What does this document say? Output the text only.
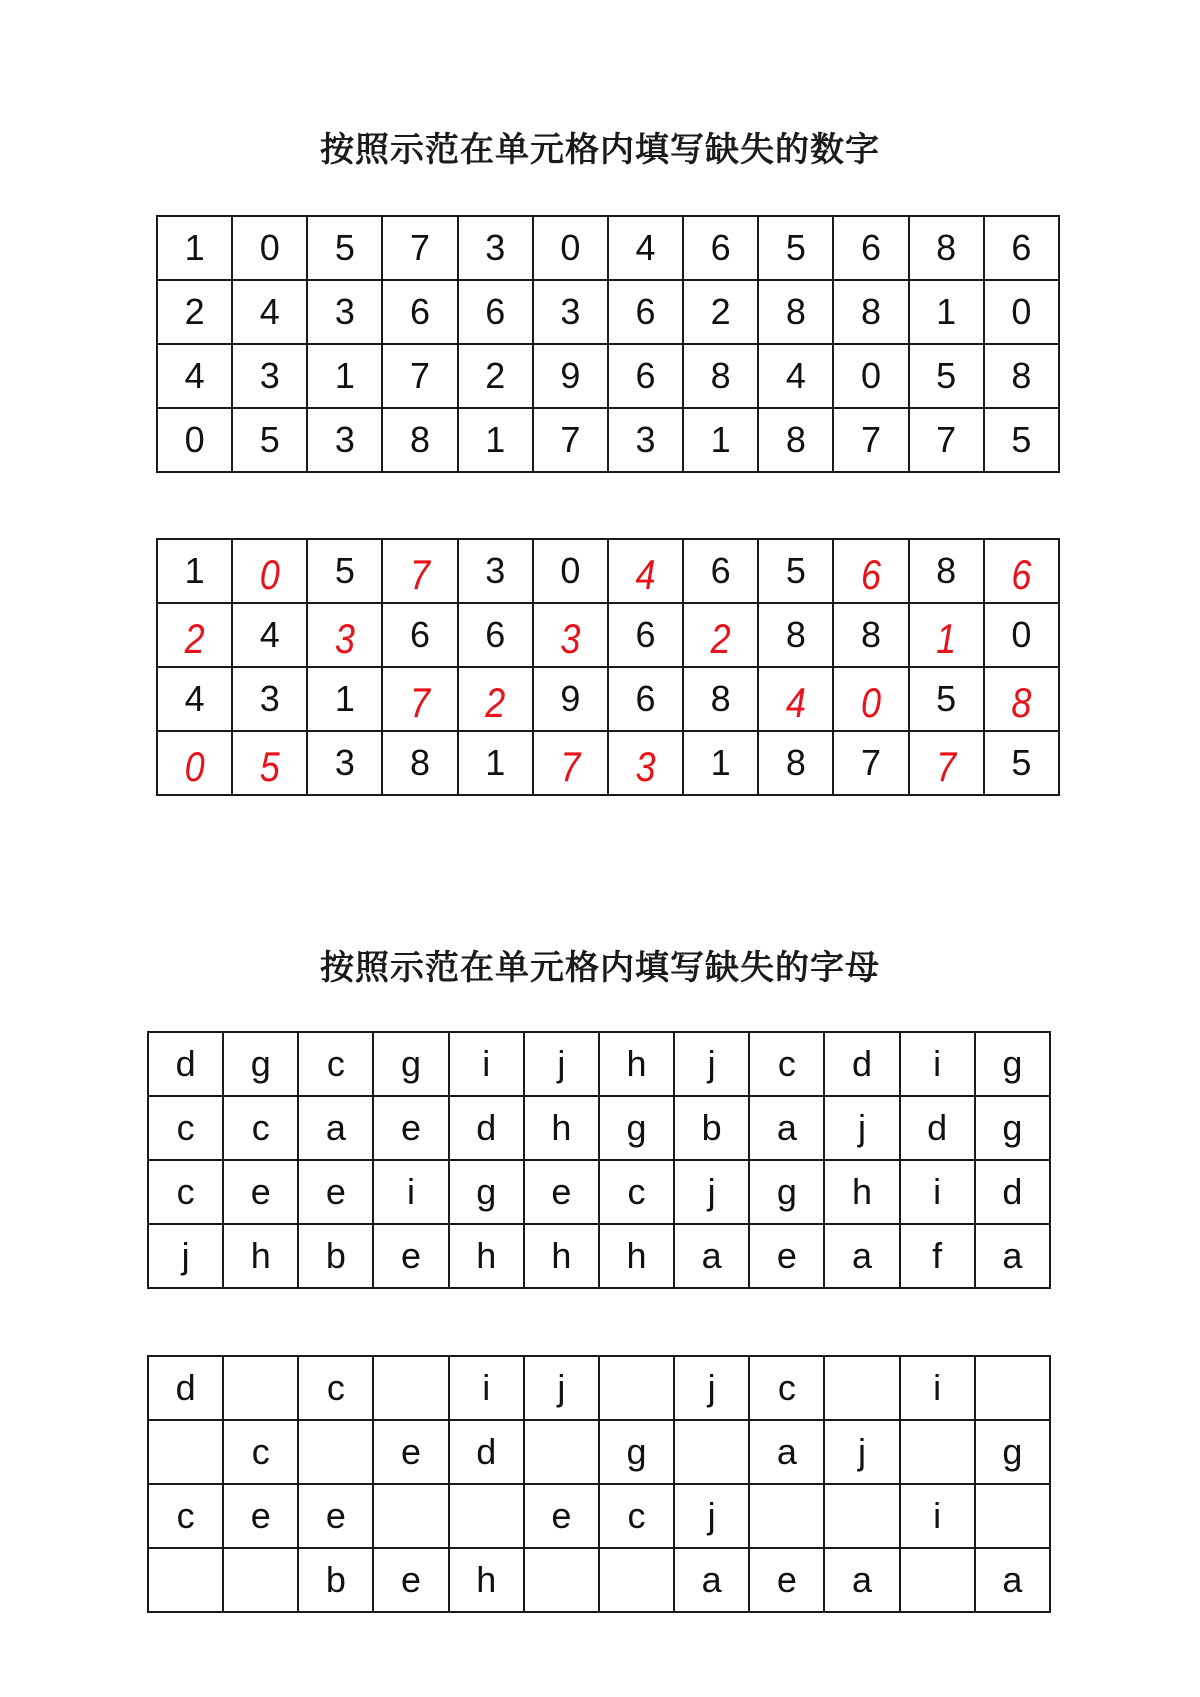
按照示范在单元格内填写缺失的数字
1	0	5	7	3	0	4	6	5	6	8	6
2	4	3	6	6	3	6	2	8	8	1	0
4	3	1	7	2	9	6	8	4	0	5	8
0	5	3	8	1	7	3	1	8	7	7	5
1	0	5	7	3	0	4	6	5	6	8	6
2	4	3	6	6	3	6	2	8	8	1	0
4	3	1	7	2	9	6	8	4	0	5	8
0	5	3	8	1	7	3	1	8	7	7	5
按照示范在单元格内填写缺失的字母
d	g	c	g	i	j	h	j	c	d	i	g
c	c	a	e	d	h	g	b	a	j	d	g
c	e	e	i	g	e	c	j	g	h	i	d
j	h	b	e	h	h	h	a	e	a	f	a
d		c		i	j		j	c		i	
	c		e	d		g		a	j		g
c	e	e			e	c	j			i	
		b	e	h			a	e	a		a
